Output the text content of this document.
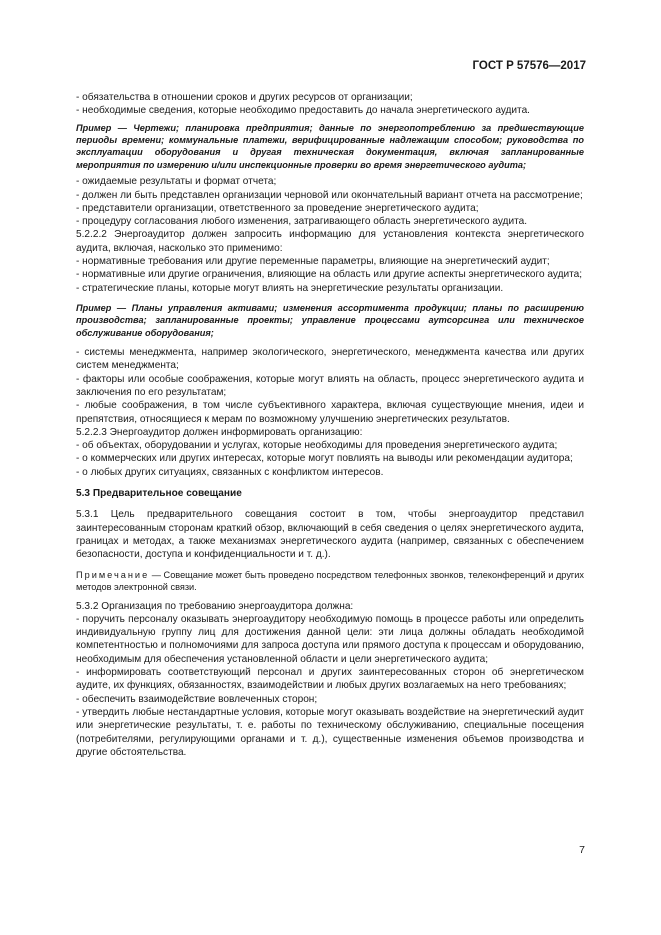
ГОСТ Р 57576—2017

- обязательства в отношении сроков и других ресурсов от организации;

- необходимые сведения, которые необходимо предоставить до начала энергетического аудита.

Пример — Чертежи; планировка предприятия; данные по энергопотреблению за предшествующие периоды времени; коммунальные платежи, верифицированные надлежащим способом; руководства по эксплуатации оборудования и другая техническая документация, включая запланированные мероприятия по измерению и/или инспекционные проверки во время энергетического аудита;

- ожидаемые результаты и формат отчета;

- должен ли быть представлен организации черновой или окончательный вариант отчета на рассмотрение;

- представители организации, ответственного за проведение энергетического аудита;

- процедуру согласования любого изменения, затрагивающего область энергетического аудита.

5.2.2.2 Энергоаудитор должен запросить информацию для установления контекста энергетического аудита, включая, насколько это применимо:

- нормативные требования или другие переменные параметры, влияющие на энергетический аудит;

- нормативные или другие ограничения, влияющие на область или другие аспекты энергетического аудита;

- стратегические планы, которые могут влиять на энергетические результаты организации.

Пример — Планы управления активами; изменения ассортимента продукции; планы по расширению производства; запланированные проекты; управление процессами аутсорсинга или техническое обслуживание оборудования;

- системы менеджмента, например экологического, энергетического, менеджмента качества или других систем менеджмента;

- факторы или особые соображения, которые могут влиять на область, процесс энергетического аудита и заключения по его результатам;

- любые соображения, в том числе субъективного характера, включая существующие мнения, идеи и препятствия, относящиеся к мерам по возможному улучшению энергетических результатов.

5.2.2.3 Энергоаудитор должен информировать организацию:

- об объектах, оборудовании и услугах, которые необходимы для проведения энергетического аудита;

- о коммерческих или других интересах, которые могут повлиять на выводы или рекомендации аудитора;

- о любых других ситуациях, связанных с конфликтом интересов.

5.3 Предварительное совещание

5.3.1 Цель предварительного совещания состоит в том, чтобы энергоаудитор представил заинтересованным сторонам краткий обзор, включающий в себя сведения о целях энергетического аудита, границах и методах, а также механизмах энергетического аудита (например, связанных с обеспечением безопасности, доступа и конфиденциальности и т. д.).

Примечание — Совещание может быть проведено посредством телефонных звонков, телеконференций и других методов электронной связи.

5.3.2 Организация по требованию энергоаудитора должна:

- поручить персоналу оказывать энергоаудитору необходимую помощь в процессе работы или определить индивидуальную группу лиц для достижения данной цели: эти лица должны обладать необходимой компетентностью и полномочиями для запроса доступа или прямого доступа к процессам и оборудованию, необходимым для обеспечения установленной области и цели энергетического аудита;

- информировать соответствующий персонал и других заинтересованных сторон об энергетическом аудите, их функциях, обязанностях, взаимодействии и любых других возлагаемых на него требованиях;

- обеспечить взаимодействие вовлеченных сторон;

- утвердить любые нестандартные условия, которые могут оказывать воздействие на энергетический аудит или энергетические результаты, т. е. работы по техническому обслуживанию, специальные посещения (потребителями, регулирующими органами и т. д.), существенные изменения объемов производства и другие обстоятельства.

7
